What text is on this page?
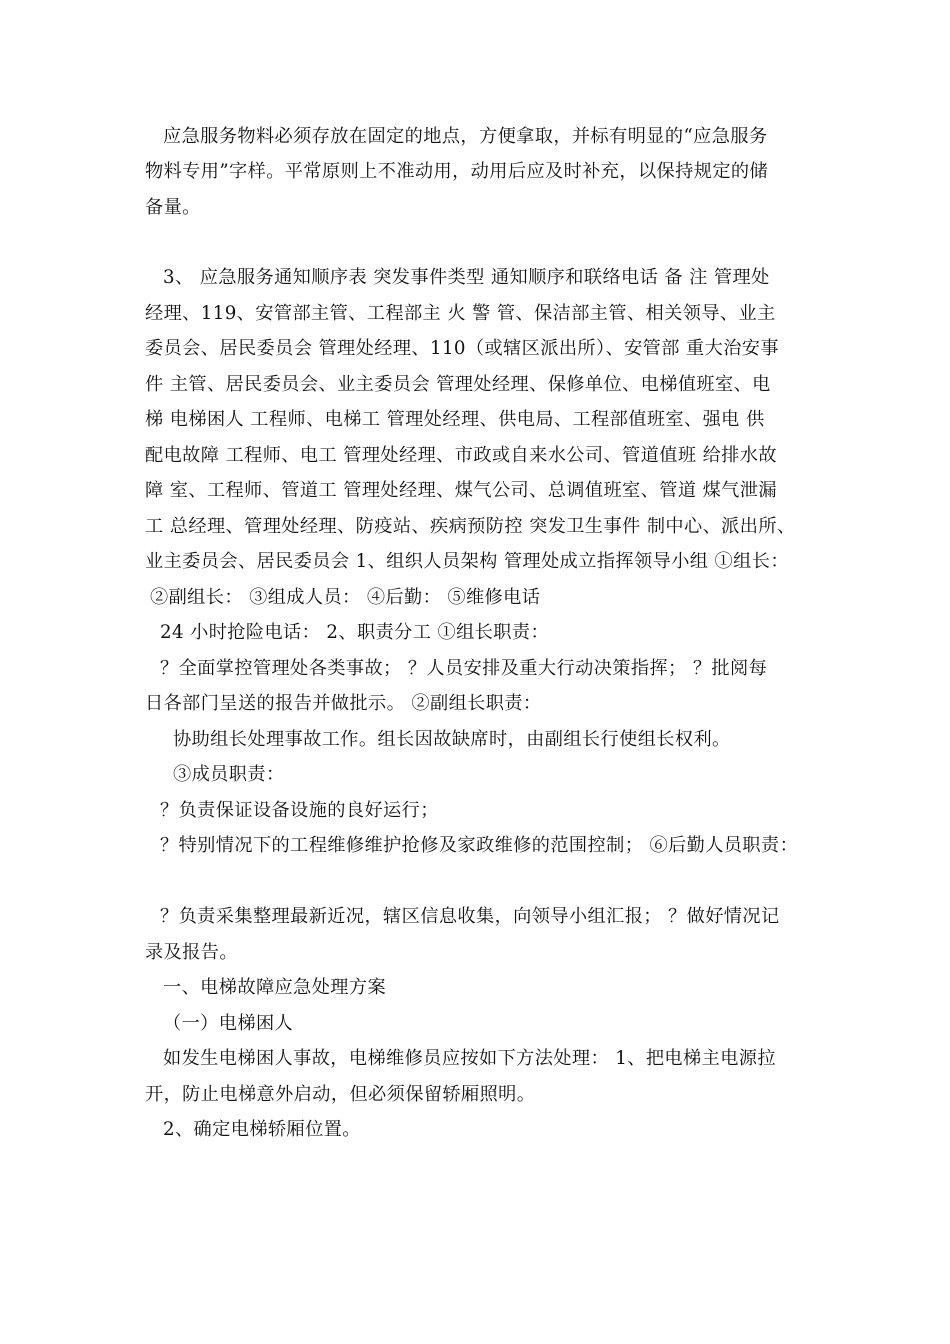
应急服务物料必须存放在固定的地点，方便拿取，并标有明显的“应急服务
物料专用”字样。平常原则上不准动用，动用后应及时补充，以保持规定的储
备量。
3、 应急服务通知顺序表 突发事件类型 通知顺序和联络电话 备 注 管理处
经理、119、安管部主管、工程部主 火 警 管、保洁部主管、相关领导、业主
委员会、居民委员会 管理处经理、110（或辖区派出所）、安管部 重大治安事
件 主管、居民委员会、业主委员会 管理处经理、保修单位、电梯值班室、电
梯 电梯困人 工程师、电梯工 管理处经理、供电局、工程部值班室、强电 供
配电故障 工程师、电工 管理处经理、市政或自来水公司、管道值班 给排水故
障 室、工程师、管道工 管理处经理、煤气公司、总调值班室、管道 煤气泄漏
工 总经理、管理处经理、防疫站、疾病预防控 突发卫生事件 制中心、派出所、
业主委员会、居民委员会 1、组织人员架构 管理处成立指挥领导小组 ①组长：
②副组长： ③组成人员： ④后勤： ⑤维修电话
24 小时抢险电话： 2、职责分工 ①组长职责：
？全面掌控管理处各类事故； ？人员安排及重大行动决策指挥； ？批阅每
日各部门呈送的报告并做批示。 ②副组长职责：
协助组长处理事故工作。组长因故缺席时，由副组长行使组长权利。
③成员职责：
？负责保证设备设施的良好运行；
？特别情况下的工程维修维护抢修及家政维修的范围控制； ⑥后勤人员职责：
？负责采集整理最新近况，辖区信息收集，向领导小组汇报； ？做好情况记
录及报告。
一、电梯故障应急处理方案
（一）电梯困人
如发生电梯困人事故，电梯维修员应按如下方法处理： 1、把电梯主电源拉
开，防止电梯意外启动，但必须保留轿厢照明。
2、确定电梯轿厢位置。
